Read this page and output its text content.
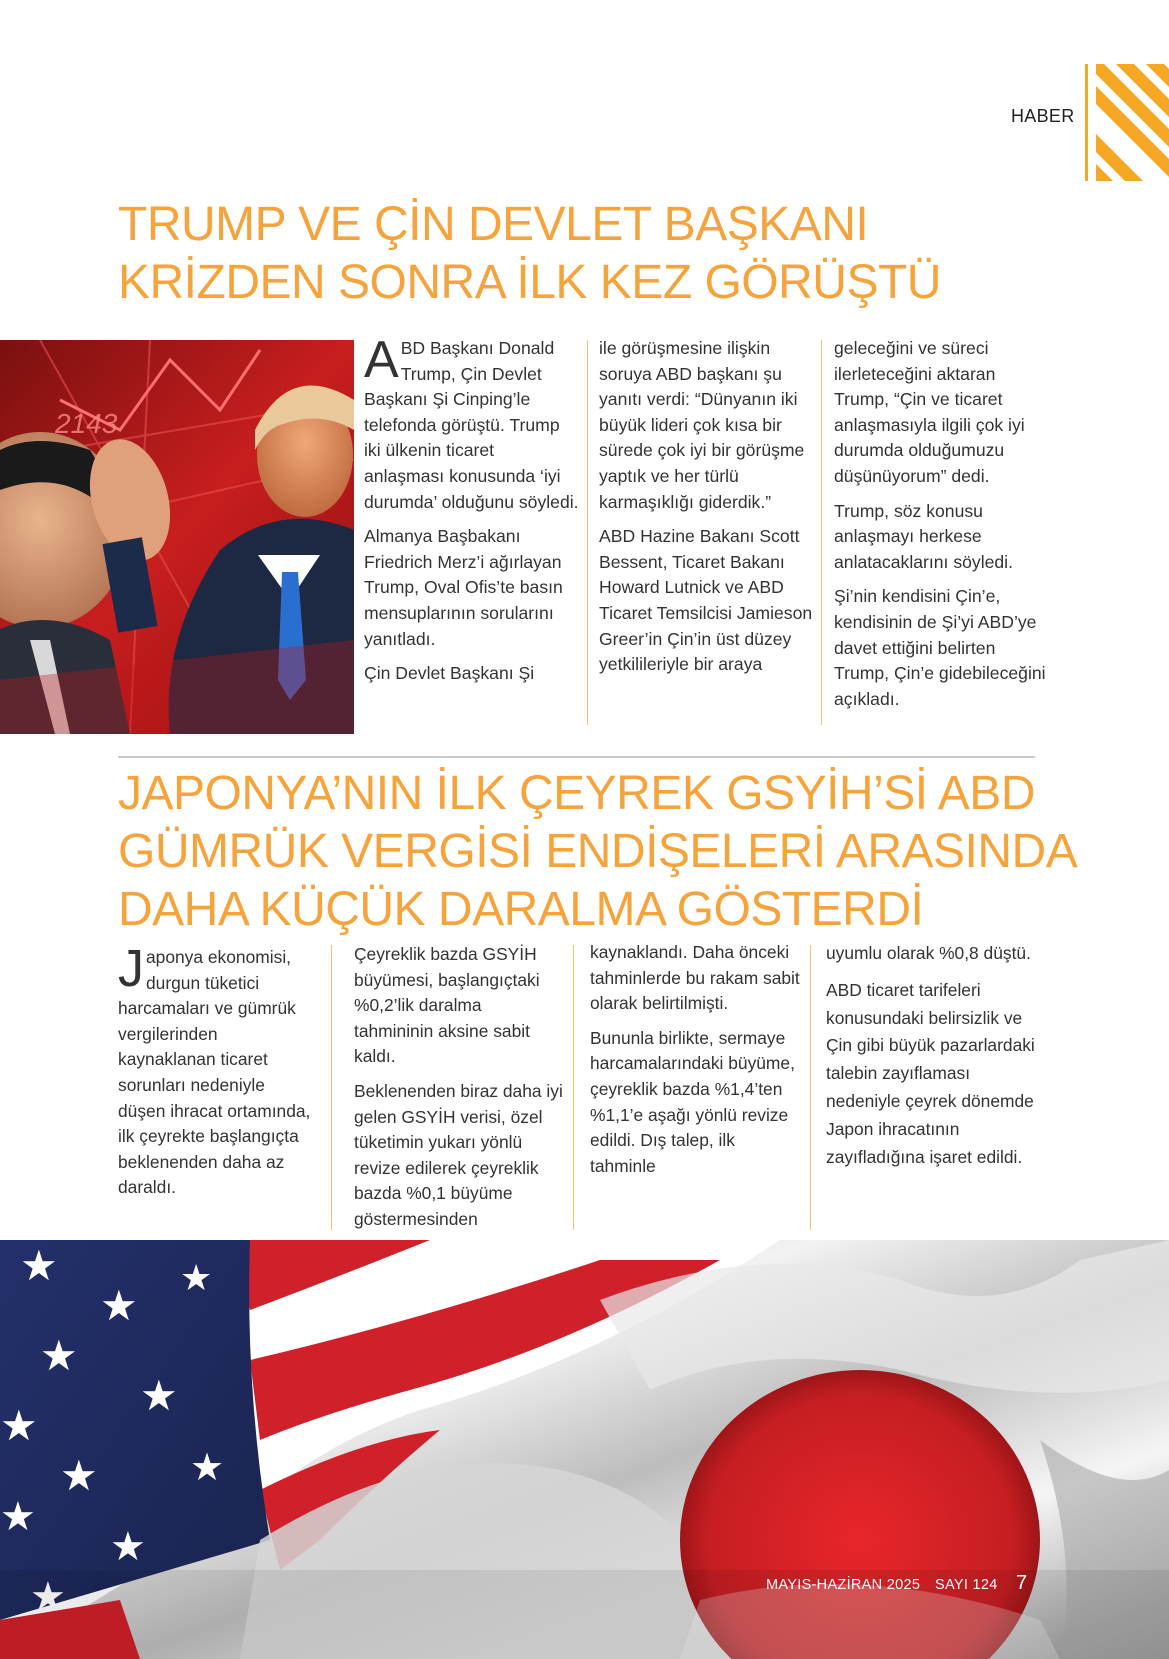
HABER
TRUMP VE ÇİN DEVLET BAŞKANI KRİZDEN SONRA İLK KEZ GÖRÜŞTÜ
2143

ABD Başkanı Donald Trump, Çin Devlet Başkanı Şi Cinping’le telefonda görüştü. Trump iki ülkenin ticaret anlaşması konusunda ‘iyi durumda’ olduğunu söyledi.

Almanya Başbakanı Friedrich Merz’i ağırlayan Trump, Oval Ofis’te basın mensuplarının sorularını yanıtladı.

Çin Devlet Başkanı Şi

ile görüşmesine ilişkin soruya ABD başkanı şu yanıtı verdi: “Dünyanın iki büyük lideri çok kısa bir sürede çok iyi bir görüşme yaptık ve her türlü karmaşıklığı giderdik.”

ABD Hazine Bakanı Scott Bessent, Ticaret Bakanı Howard Lutnick ve ABD Ticaret Temsilcisi Jamieson Greer’in Çin’in üst düzey yetkilileriyle bir araya

geleceğini ve süreci ilerleteceğini aktaran Trump, “Çin ve ticaret anlaşmasıyla ilgili çok iyi durumda olduğumuzu düşünüyorum” dedi.

Trump, söz konusu anlaşmayı herkese anlatacaklarını söyledi.

Şi’nin kendisini Çin’e, kendisinin de Şi’yi ABD’ye davet ettiğini belirten Trump, Çin’e gidebileceğini açıkladı.

JAPONYA’NIN İLK ÇEYREK GSYİH’Sİ ABD GÜMRÜK VERGİSİ ENDİŞELERİ ARASINDA DAHA KÜÇÜK DARALMA GÖSTERDİ

Japonya ekonomisi, durgun tüketici harcamaları ve gümrük vergilerinden kaynaklanan ticaret sorunları nedeniyle düşen ihracat ortamında, ilk çeyrekte başlangıçta beklenenden daha az daraldı.

Çeyreklik bazda GSYİH büyümesi, başlangıçtaki %0,2’lik daralma tahmininin aksine sabit kaldı.

Beklenenden biraz daha iyi gelen GSYİH verisi, özel tüketimin yukarı yönlü revize edilerek çeyreklik bazda %0,1 büyüme göstermesinden

kaynaklandı. Daha önceki tahminlerde bu rakam sabit olarak belirtilmişti.

Bununla birlikte, sermaye harcamalarındaki büyüme, çeyreklik bazda %1,4’ten %1,1’e aşağı yönlü revize edildi. Dış talep, ilk tahminle

uyumlu olarak %0,8 düştü.

ABD ticaret tarifeleri konusundaki belirsizlik ve Çin gibi büyük pazarlardaki talebin zayıflaması nedeniyle çeyrek dönemde Japon ihracatının zayıfladığına işaret edildi.

★
★
★
★
★
★
★ ★
★
★
★	MAYIS-HAZİRAN 2025 SAYI 124 7
